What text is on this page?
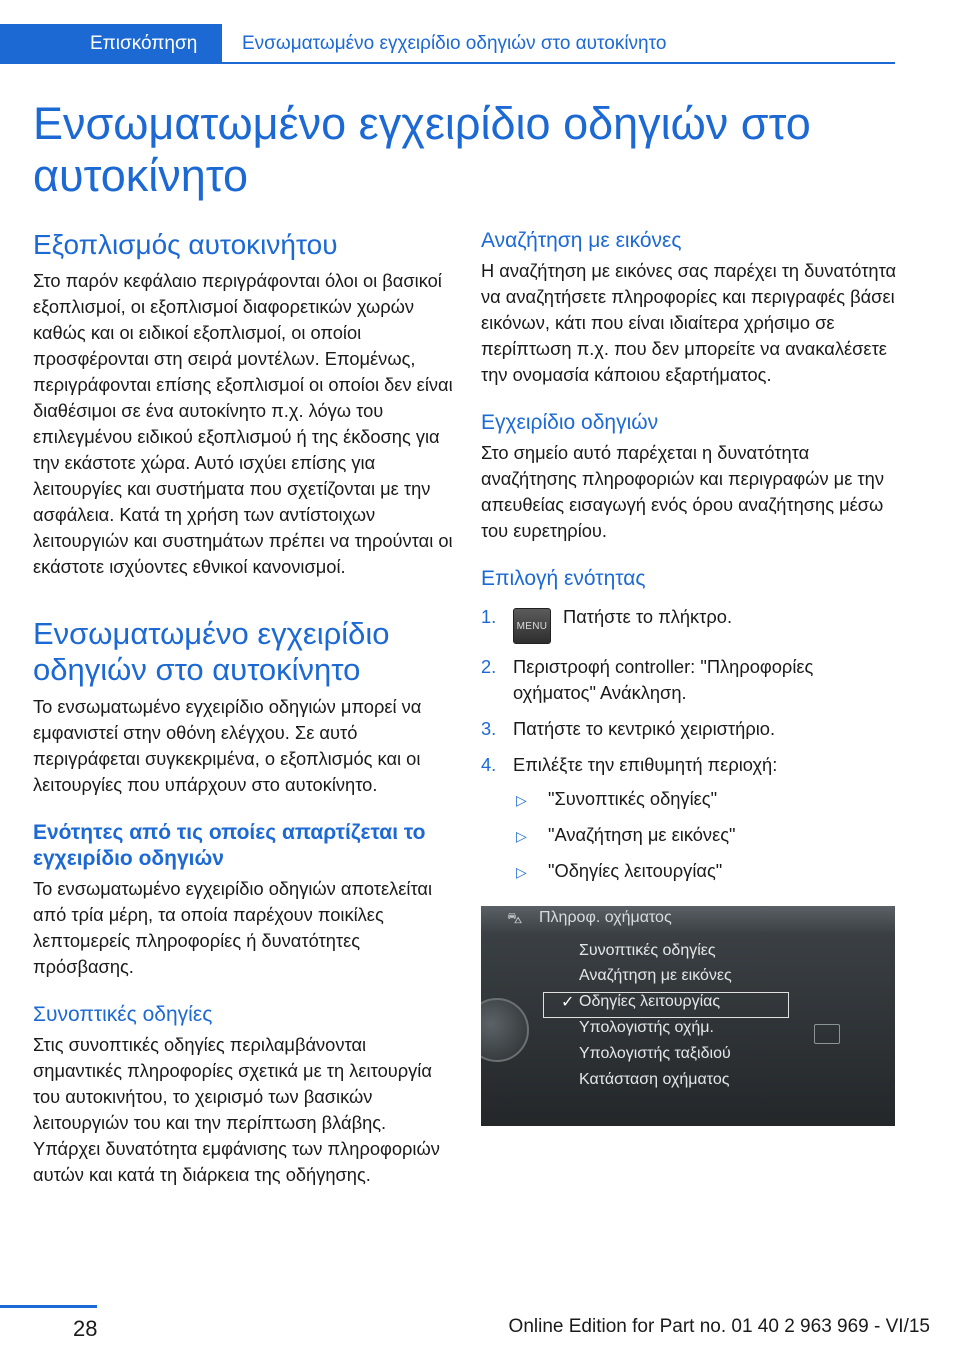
Επισκόπηση	Ενσωματωμένο εγχειρίδιο οδηγιών στο αυτοκίνητο
Ενσωματωμένο εγχειρίδιο οδηγιών στο αυτοκίνητο
Εξοπλισμός αυτοκινήτου

Στο παρόν κεφάλαιο περιγράφονται όλοι οι βασικοί εξοπλισμοί, οι εξοπλισμοί διαφορετικών χωρών καθώς και οι ειδικοί εξοπλισμοί, οι οποίοι προσφέρονται στη σειρά μοντέλων. Επομένως, περιγράφονται επίσης εξοπλισμοί οι οποίοι δεν είναι διαθέσιμοι σε ένα αυτοκίνητο π.χ. λόγω του επιλεγμένου ειδικού εξοπλισμού ή της έκδοσης για την εκάστοτε χώρα. Αυτό ισχύει επίσης για λειτουργίες και συστήματα που σχετίζονται με την ασφάλεια. Κατά τη χρήση των αντίστοιχων λειτουργιών και συστημάτων πρέπει να τηρούνται οι εκάστοτε ισχύοντες εθνικοί κανονισμοί.

Ενσωματωμένο εγχειρίδιο οδηγιών στο αυτοκίνητο

Το ενσωματωμένο εγχειρίδιο οδηγιών μπορεί να εμφανιστεί στην οθόνη ελέγχου. Σε αυτό περιγράφεται συγκεκριμένα, ο εξοπλισμός και οι λειτουργίες που υπάρχουν στο αυτοκίνητο.

Ενότητες από τις οποίες απαρτίζεται το εγχειρίδιο οδηγιών

Το ενσωματωμένο εγχειρίδιο οδηγιών αποτελείται από τρία μέρη, τα οποία παρέχουν ποικίλες λεπτομερείς πληροφορίες ή δυνατότητες πρόσβασης.

Συνοπτικές οδηγίες

Στις συνοπτικές οδηγίες περιλαμβάνονται σημαντικές πληροφορίες σχετικά με τη λειτουργία του αυτοκινήτου, το χειρισμό των βασικών λειτουργιών του και την περίπτωση βλάβης. Υπάρχει δυνατότητα εμφάνισης των πληροφοριών αυτών και κατά τη διάρκεια της οδήγησης.

Αναζήτηση με εικόνες

Η αναζήτηση με εικόνες σας παρέχει τη δυνατότητα να αναζητήσετε πληροφορίες και περιγραφές βάσει εικόνων, κάτι που είναι ιδιαίτερα χρήσιμο σε περίπτωση π.χ. που δεν μπορείτε να ανακαλέσετε την ονομασία κάποιου εξαρτήματος.

Εγχειρίδιο οδηγιών

Στο σημείο αυτό παρέχεται η δυνατότητα αναζήτησης πληροφοριών και περιγραφών με την απευθείας εισαγωγή ενός όρου αναζήτησης μέσω του ευρετηρίου.

Επιλογή ενότητας
1. MENU Πατήστε το πλήκτρο.
2. Περιστροφή controller: "Πληροφορίες οχήματος" Ανάκληση.
3. Πατήστε το κεντρικό χειριστήριο.
4. Επιλέξτε την επιθυμητή περιοχή:
▷ "Συνοπτικές οδηγίες"
▷ "Αναζήτηση με εικόνες"
▷ "Οδηγίες λειτουργίας"
⛍ Πληροφ. οχήματος
✓
Συνοπτικές οδηγίες
Αναζήτηση με εικόνες
Οδηγίες λειτουργίας
Υπολογιστής οχήμ.
Υπολογιστής ταξιδιού
Κατάσταση οχήματος
28	Online Edition for Part no. 01 40 2 963 969 - VI/15
